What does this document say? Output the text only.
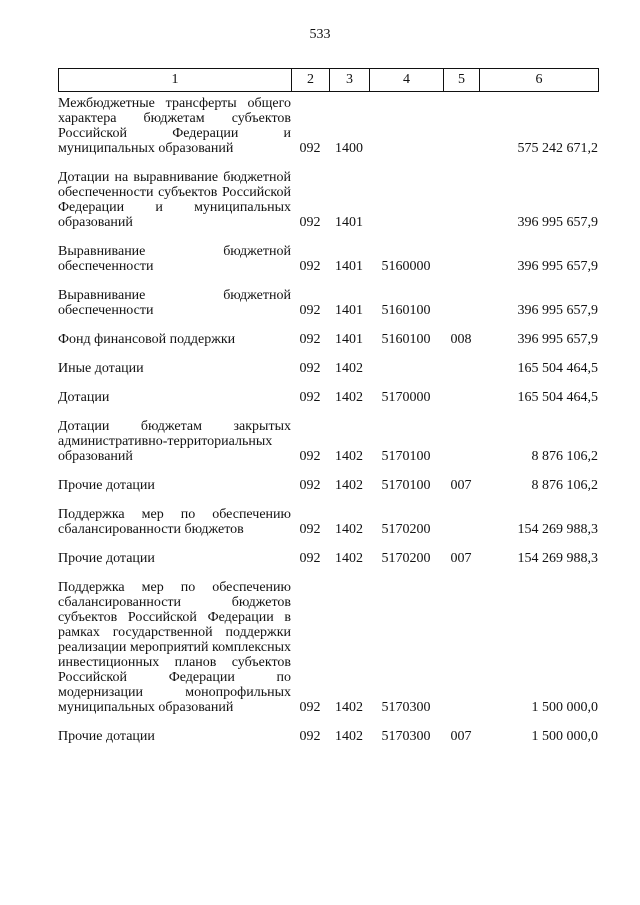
533
1	2	3	4	5	6
Межбюджетные трансферты общего характера бюджетам субъектов Российской Федерации и муниципальных образований	092	1400			575 242 671,2

Дотации на выравнивание бюджетной обеспеченности субъектов Российской Федерации и муниципальных образований	092	1401			396 995 657,9

Выравнивание бюджетной обеспеченности	092	1401	5160000		396 995 657,9

Выравнивание бюджетной обеспеченности	092	1401	5160100		396 995 657,9

Фонд финансовой поддержки	092	1401	5160100	008	396 995 657,9

Иные дотации	092	1402			165 504 464,5

Дотации	092	1402	5170000		165 504 464,5

Дотации бюджетам закрытых административно-территориальных образований	092	1402	5170100		8 876 106,2

Прочие дотации	092	1402	5170100	007	8 876 106,2

Поддержка мер по обеспечению сбалансированности бюджетов	092	1402	5170200		154 269 988,3

Прочие дотации	092	1402	5170200	007	154 269 988,3

Поддержка мер по обеспечению сбалансированности бюджетов субъектов Российской Федерации в рамках государственной поддержки реализации мероприятий комплексных инвестиционных планов субъектов Российской Федерации по модернизации монопрофильных муниципальных образований	092	1402	5170300		1 500 000,0

Прочие дотации	092	1402	5170300	007	1 500 000,0
